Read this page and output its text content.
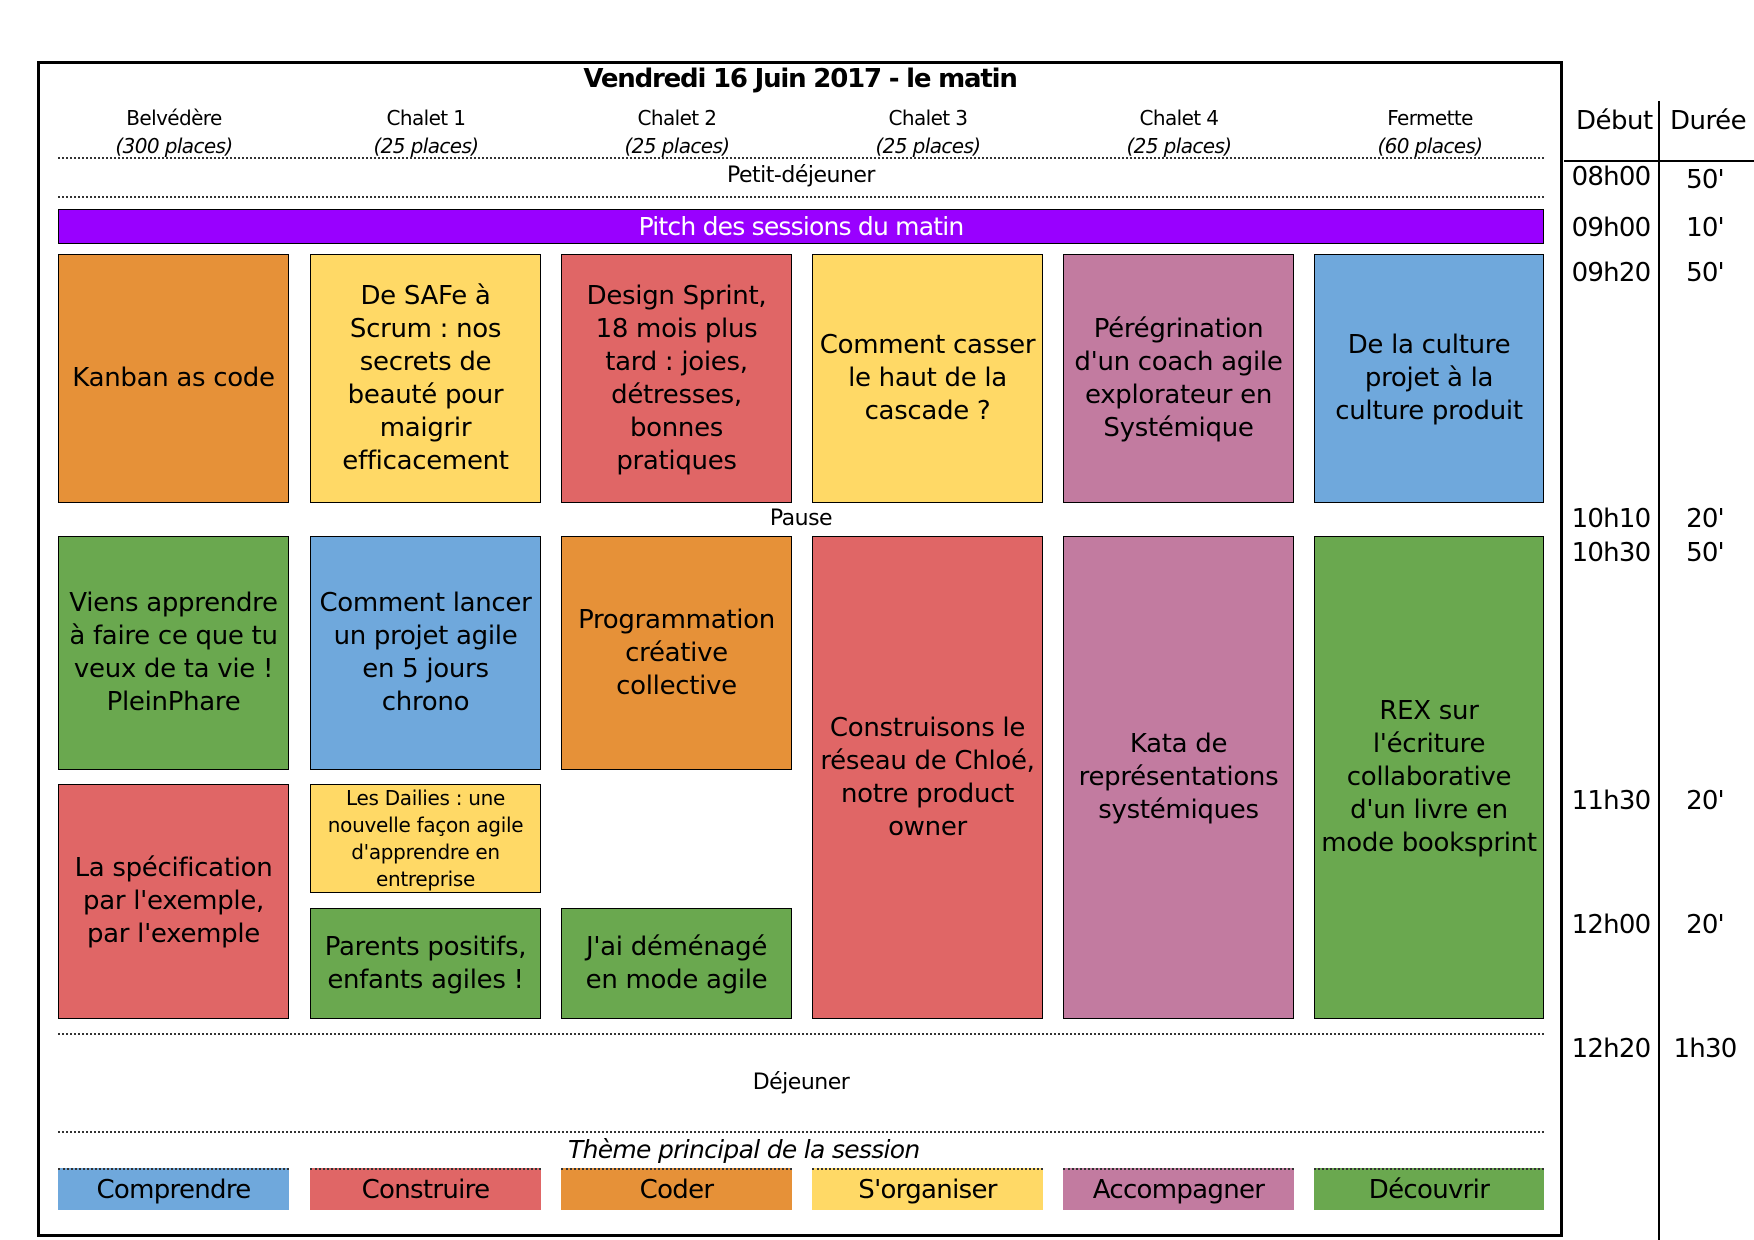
Vendredi 16 Juin 2017 - le matin
Belvédère
(300 places)
Chalet 1
(25 places)
Chalet 2
(25 places)
Chalet 3
(25 places)
Chalet 4
(25 places)
Fermette
(60 places)
Petit-déjeuner
Pitch des sessions du matin
Kanban as code
De SAFe à Scrum : nos secrets de beauté pour maigrir efficacement
Design Sprint, 18 mois plus tard : joies, détresses, bonnes pratiques
Comment casser le haut de la cascade ?
Pérégrination d'un coach agile explorateur en Systémique
De la culture projet à la culture produit
Pause
Viens apprendre à faire ce que tu veux de ta vie ! PleinPhare
Comment lancer un projet agile en 5 jours chrono
Programmation créative collective
Construisons le réseau de Chloé, notre product owner
Kata de représentations systémiques
REX sur l'écriture collaborative d'un livre en mode booksprint
La spécification par l'exemple, par l'exemple
Les Dailies : une nouvelle façon agile d'apprendre en entreprise
Parents positifs, enfants agiles !
J'ai déménagé en mode agile
Déjeuner
Thème principal de la session
Comprendre	Construire	Coder	S'organiser	Accompagner	Découvrir
Début Durée
08h00	50'
09h00	10'
09h20	50'
10h10	20'
10h30	50'
11h30	20'
12h00	20'
12h20 1h30
